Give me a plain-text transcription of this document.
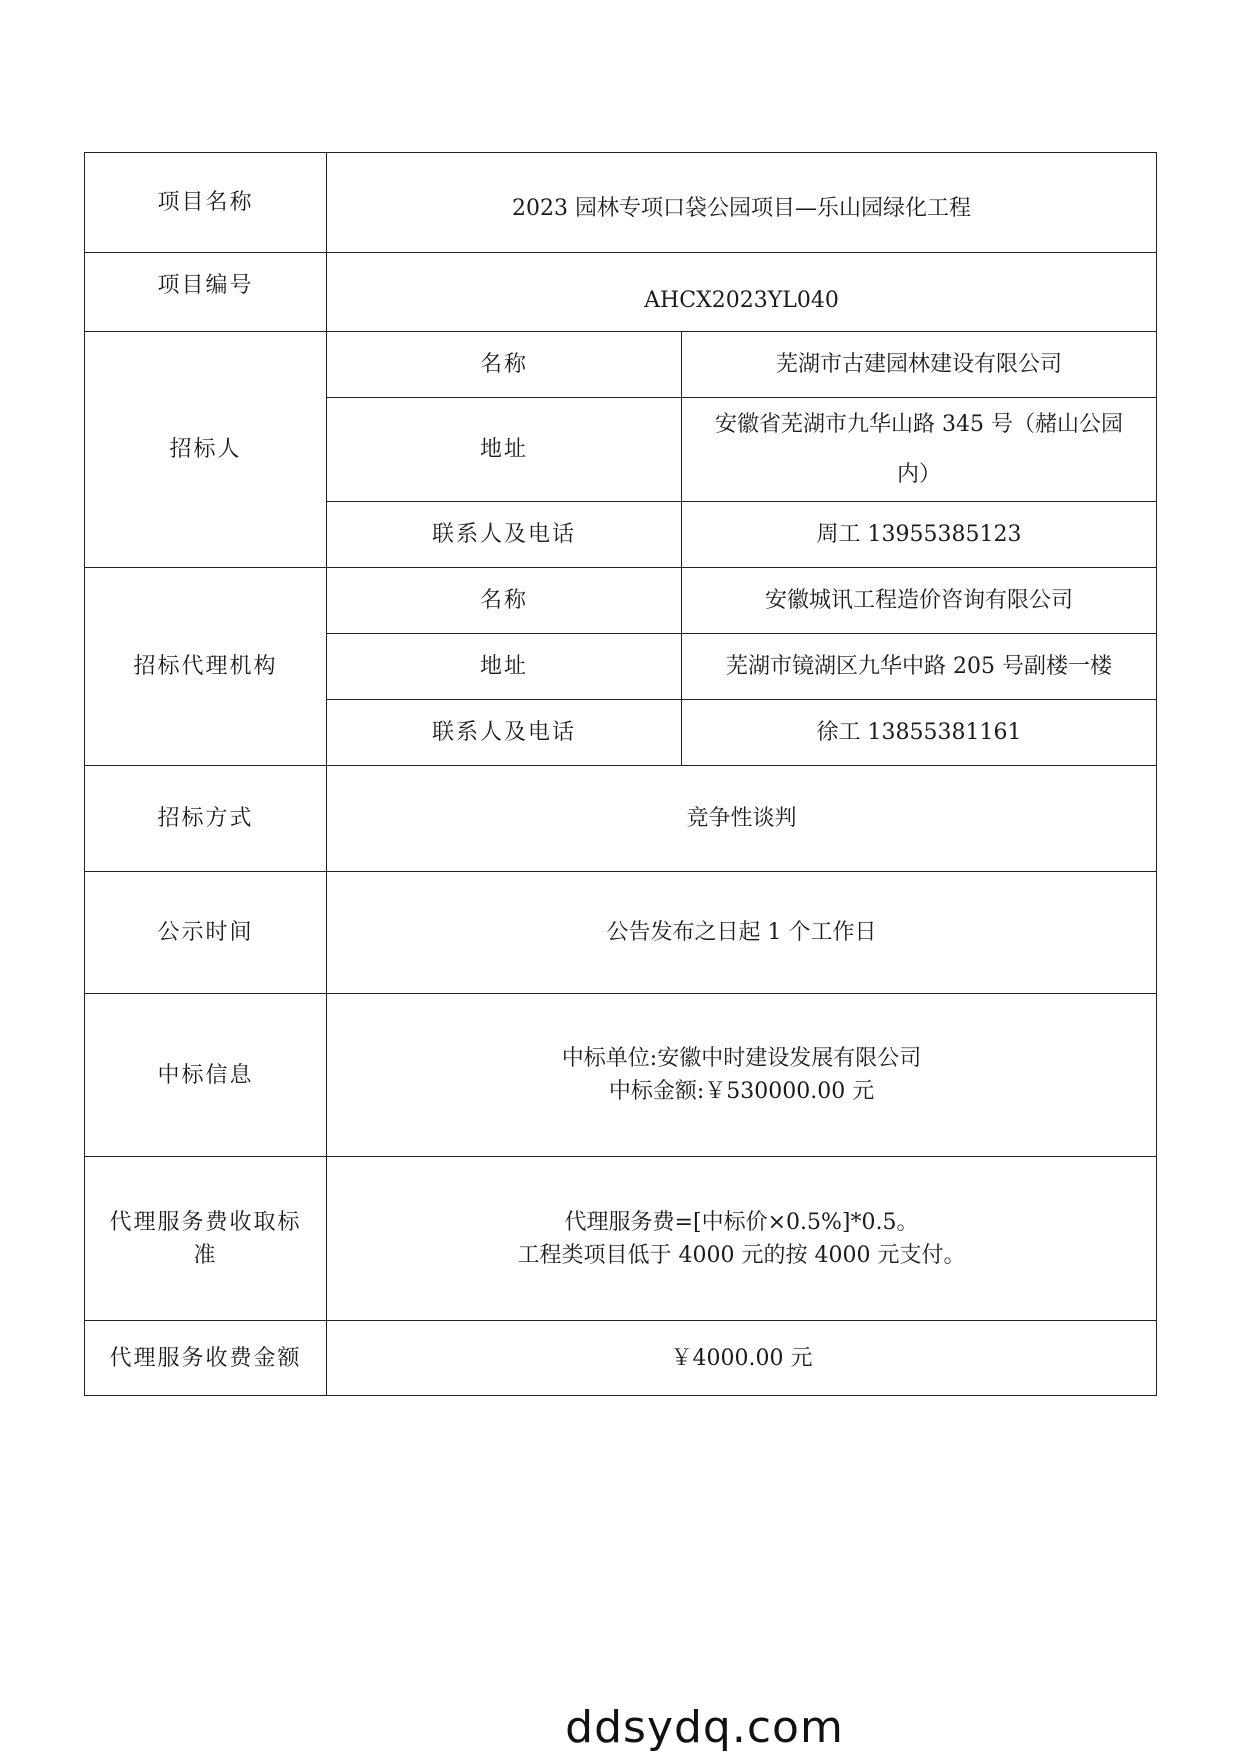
项目名称	2023 园林专项口袋公园项目—乐山园绿化工程	
项目编号	AHCX2023YL040	
招标人	名称	芜湖市古建园林建设有限公司
	地址	安徽省芜湖市九华山路 345 号（赭山公园
内）

	联系人及电话	周工 13955385123
招标代理机构	名称	安徽城讯工程造价咨询有限公司
	地址	芜湖市镜湖区九华中路 205 号副楼一楼
	联系人及电话	徐工 13855381161
招标方式	竞争性谈判	
公示时间	公告发布之日起 1 个工作日	
中标信息	中标单位:安徽中时建设发展有限公司
中标金额:￥530000.00 元	

代理服务费收取标 准	代理服务费=[中标价×0.5%]*0.5。
工程类项目低于 4000 元的按 4000 元支付。	

代理服务收费金额	￥4000.00 元	
ddsydq.com
